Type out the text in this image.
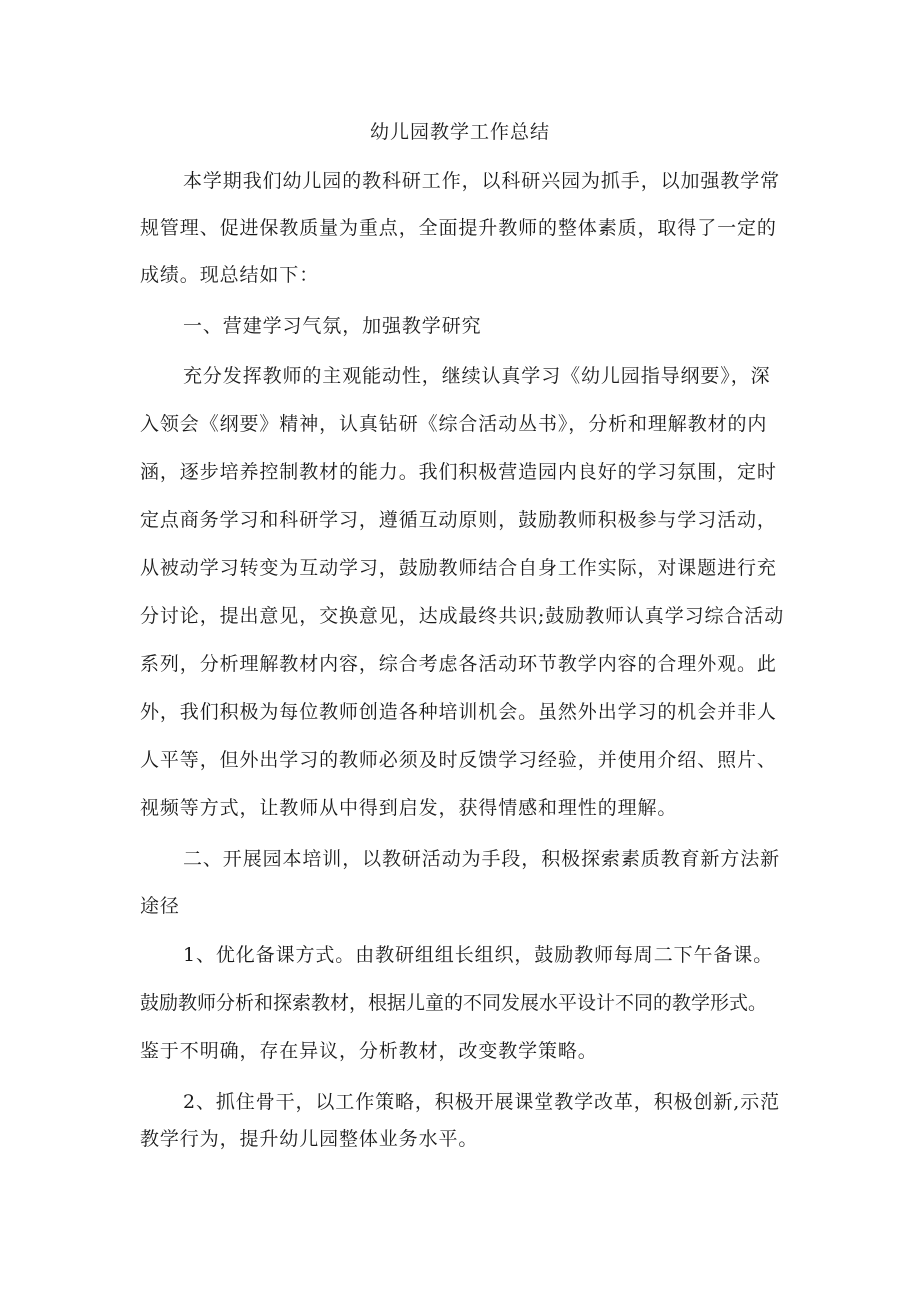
幼儿园教学工作总结

本学期我们幼儿园的教科研工作，以科研兴园为抓手，以加强教学常

规管理、促进保教质量为重点，全面提升教师的整体素质，取得了一定的

成绩。现总结如下：

一、营建学习气氛，加强教学研究

充分发挥教师的主观能动性，继续认真学习《幼儿园指导纲要》，深

入领会《纲要》精神，认真钻研《综合活动丛书》，分析和理解教材的内

涵，逐步培养控制教材的能力。我们积极营造园内良好的学习氛围，定时

定点商务学习和科研学习，遵循互动原则，鼓励教师积极参与学习活动，

从被动学习转变为互动学习，鼓励教师结合自身工作实际，对课题进行充

分讨论，提出意见，交换意见，达成最终共识;鼓励教师认真学习综合活动

系列，分析理解教材内容，综合考虑各活动环节教学内容的合理外观。此

外，我们积极为每位教师创造各种培训机会。虽然外出学习的机会并非人

人平等，但外出学习的教师必须及时反馈学习经验，并使用介绍、照片、

视频等方式，让教师从中得到启发，获得情感和理性的理解。

二、开展园本培训，以教研活动为手段，积极探索素质教育新方法新

途径

1、优化备课方式。由教研组组长组织，鼓励教师每周二下午备课。

鼓励教师分析和探索教材，根据儿童的不同发展水平设计不同的教学形式。

鉴于不明确，存在异议，分析教材，改变教学策略。

2、抓住骨干，以工作策略，积极开展课堂教学改革，积极创新,示范

教学行为，提升幼儿园整体业务水平。
